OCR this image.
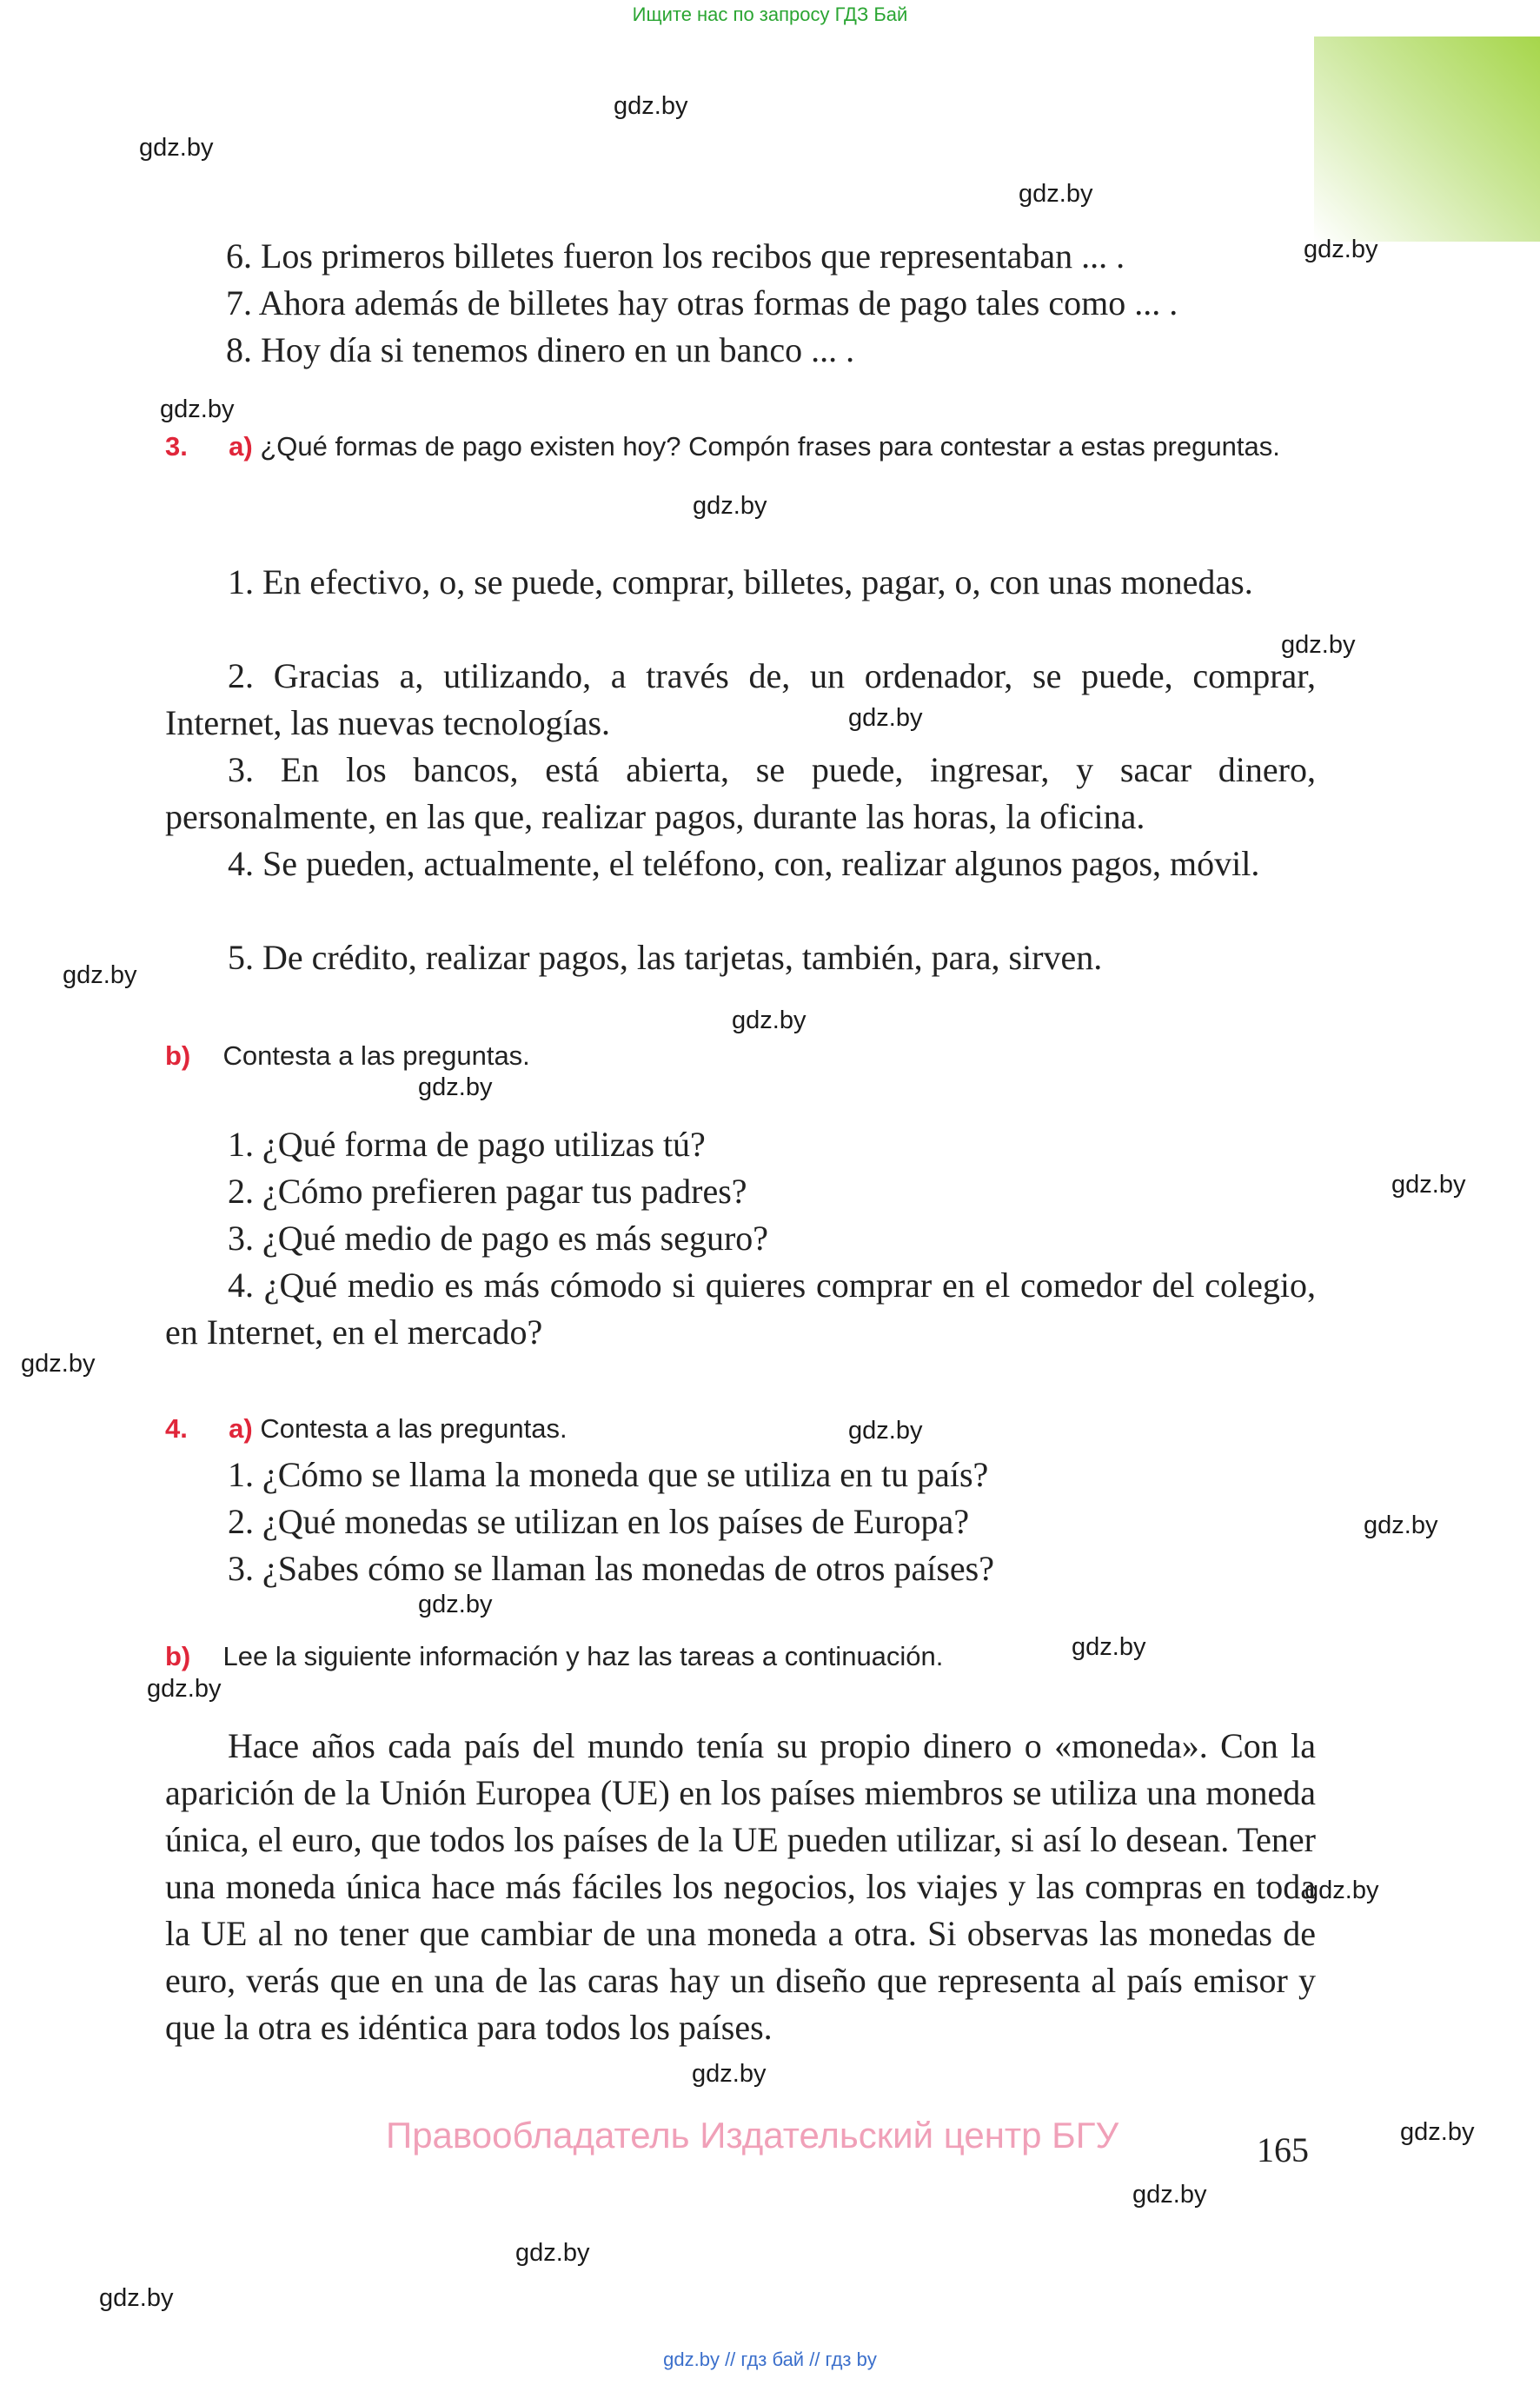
Ищите нас по запросу ГДЗ Бай
gdz.by
gdz.by
gdz.by
gdz.by
gdz.by
gdz.by
gdz.by
gdz.by
gdz.by
gdz.by
gdz.by
gdz.by
gdz.by
gdz.by
gdz.by
gdz.by
gdz.by
gdz.by
gdz.by
gdz.by
gdz.by
gdz.by
gdz.by
gdz.by
6. Los primeros billetes fueron los recibos que representaban ... .
7. Ahora además de billetes hay otras formas de pago tales como ... .
8. Hoy día si tenemos dinero en un banco ... .
3. a) ¿Qué formas de pago existen hoy? Compón frases para contestar a estas preguntas.
1. En efectivo, o, se puede, comprar, billetes, pagar, o, con unas monedas.
2. Gracias a, utilizando, a través de, un ordenador, se puede, comprar, Internet, las nuevas tecnologías.
3. En los bancos, está abierta, se puede, ingresar, y sacar dinero, personalmente, en las que, realizar pagos, durante las horas, la oficina.
4. Se pueden, actualmente, el teléfono, con, realizar algunos pagos, móvil.
5. De crédito, realizar pagos, las tarjetas, también, para, sirven.
b) Contesta a las preguntas.
1. ¿Qué forma de pago utilizas tú?
2. ¿Cómo prefieren pagar tus padres?
3. ¿Qué medio de pago es más seguro?
4. ¿Qué medio es más cómodo si quieres comprar en el comedor del colegio, en Internet, en el mercado?
4. a) Contesta a las preguntas.
1. ¿Cómo se llama la moneda que se utiliza en tu país?
2. ¿Qué monedas se utilizan en los países de Europa?
3. ¿Sabes cómo se llaman las monedas de otros países?
b) Lee la siguiente información y haz las tareas a continuación.
Hace años cada país del mundo tenía su propio dinero o «moneda». Con la aparición de la Unión Europea (UE) en los países miembros se utiliza una moneda única, el euro, que todos los países de la UE pueden utilizar, si así lo desean. Tener una moneda única hace más fáciles los negocios, los viajes y las compras en toda la UE al no tener que cambiar de una moneda a otra. Si observas las monedas de euro, verás que en una de las caras hay un diseño que representa al país emisor y que la otra es idéntica para todos los países.
Правообладатель Издательский центр БГУ	165
gdz.by // гдз бай // гдз by
